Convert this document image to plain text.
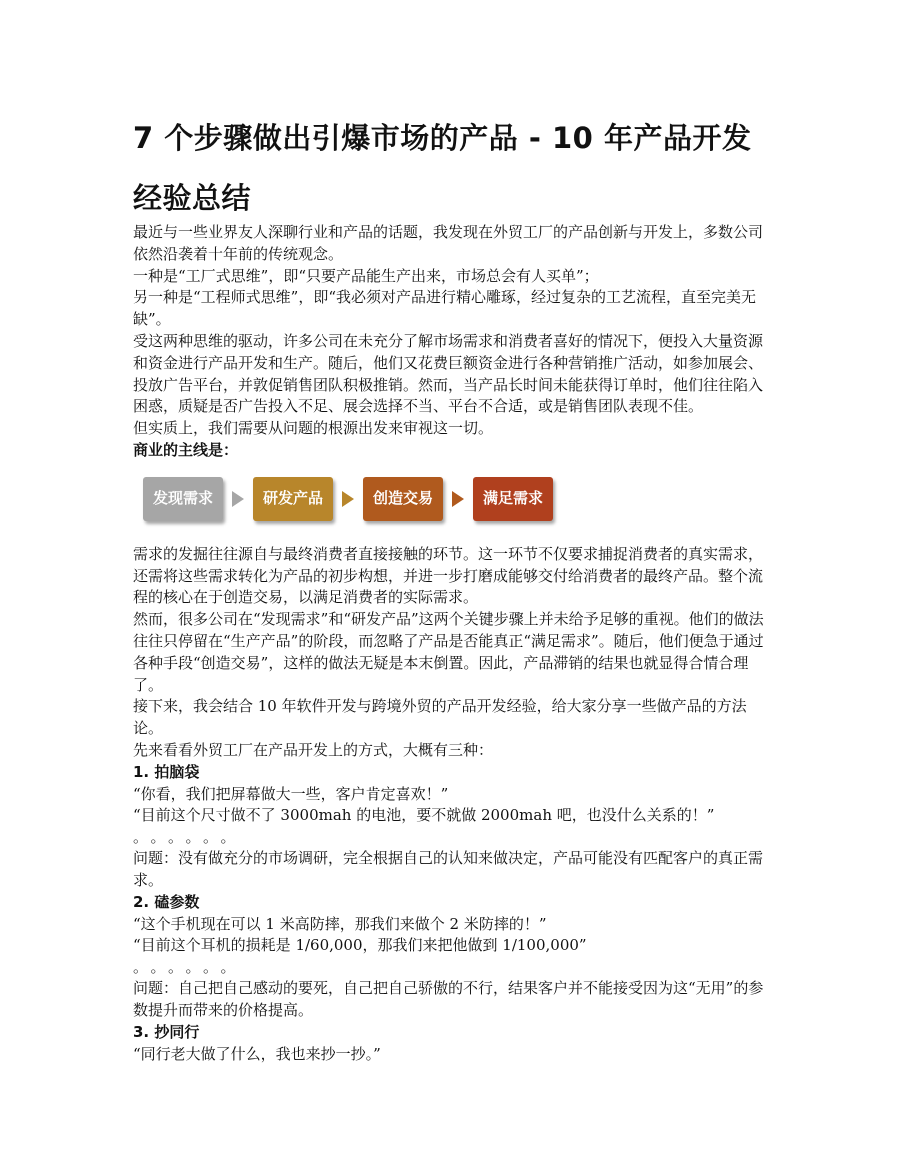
7 个步骤做出引爆市场的产品 - 10 年产品开发经验总结

最近与一些业界友人深聊行业和产品的话题，我发现在外贸工厂的产品创新与开发上，多数公司依然沿袭着十年前的传统观念。

一种是“工厂式思维”，即“只要产品能生产出来，市场总会有人买单”；

另一种是“工程师式思维”，即“我必须对产品进行精心雕琢，经过复杂的工艺流程，直至完美无缺”。

受这两种思维的驱动，许多公司在未充分了解市场需求和消费者喜好的情况下，便投入大量资源和资金进行产品开发和生产。随后，他们又花费巨额资金进行各种营销推广活动，如参加展会、投放广告平台，并敦促销售团队积极推销。然而，当产品长时间未能获得订单时，他们往往陷入困惑，质疑是否广告投入不足、展会选择不当、平台不合适，或是销售团队表现不佳。

但实质上，我们需要从问题的根源出发来审视这一切。

商业的主线是：

发现需求	研发产品	创造交易	满足需求

需求的发掘往往源自与最终消费者直接接触的环节。这一环节不仅要求捕捉消费者的真实需求，还需将这些需求转化为产品的初步构想，并进一步打磨成能够交付给消费者的最终产品。整个流程的核心在于创造交易，以满足消费者的实际需求。

然而，很多公司在“发现需求”和“研发产品”这两个关键步骤上并未给予足够的重视。他们的做法往往只停留在“生产产品”的阶段，而忽略了产品是否能真正“满足需求”。随后，他们便急于通过各种手段“创造交易”，这样的做法无疑是本末倒置。因此，产品滞销的结果也就显得合情合理了。

接下来，我会结合 10 年软件开发与跨境外贸的产品开发经验，给大家分享一些做产品的方法论。

先来看看外贸工厂在产品开发上的方式，大概有三种：

1. 拍脑袋

“你看，我们把屏幕做大一些，客户肯定喜欢！”

“目前这个尺寸做不了 3000mah 的电池，要不就做 2000mah 吧，也没什么关系的！”

。。。。。。

问题：没有做充分的市场调研，完全根据自己的认知来做决定，产品可能没有匹配客户的真正需求。

2. 磕参数

“这个手机现在可以 1 米高防摔，那我们来做个 2 米防摔的！”

“目前这个耳机的损耗是 1/60,000，那我们来把他做到 1/100,000”

。。。。。。

问题：自己把自己感动的要死，自己把自己骄傲的不行，结果客户并不能接受因为这“无用”的参数提升而带来的价格提高。

3. 抄同行

“同行老大做了什么，我也来抄一抄。”
